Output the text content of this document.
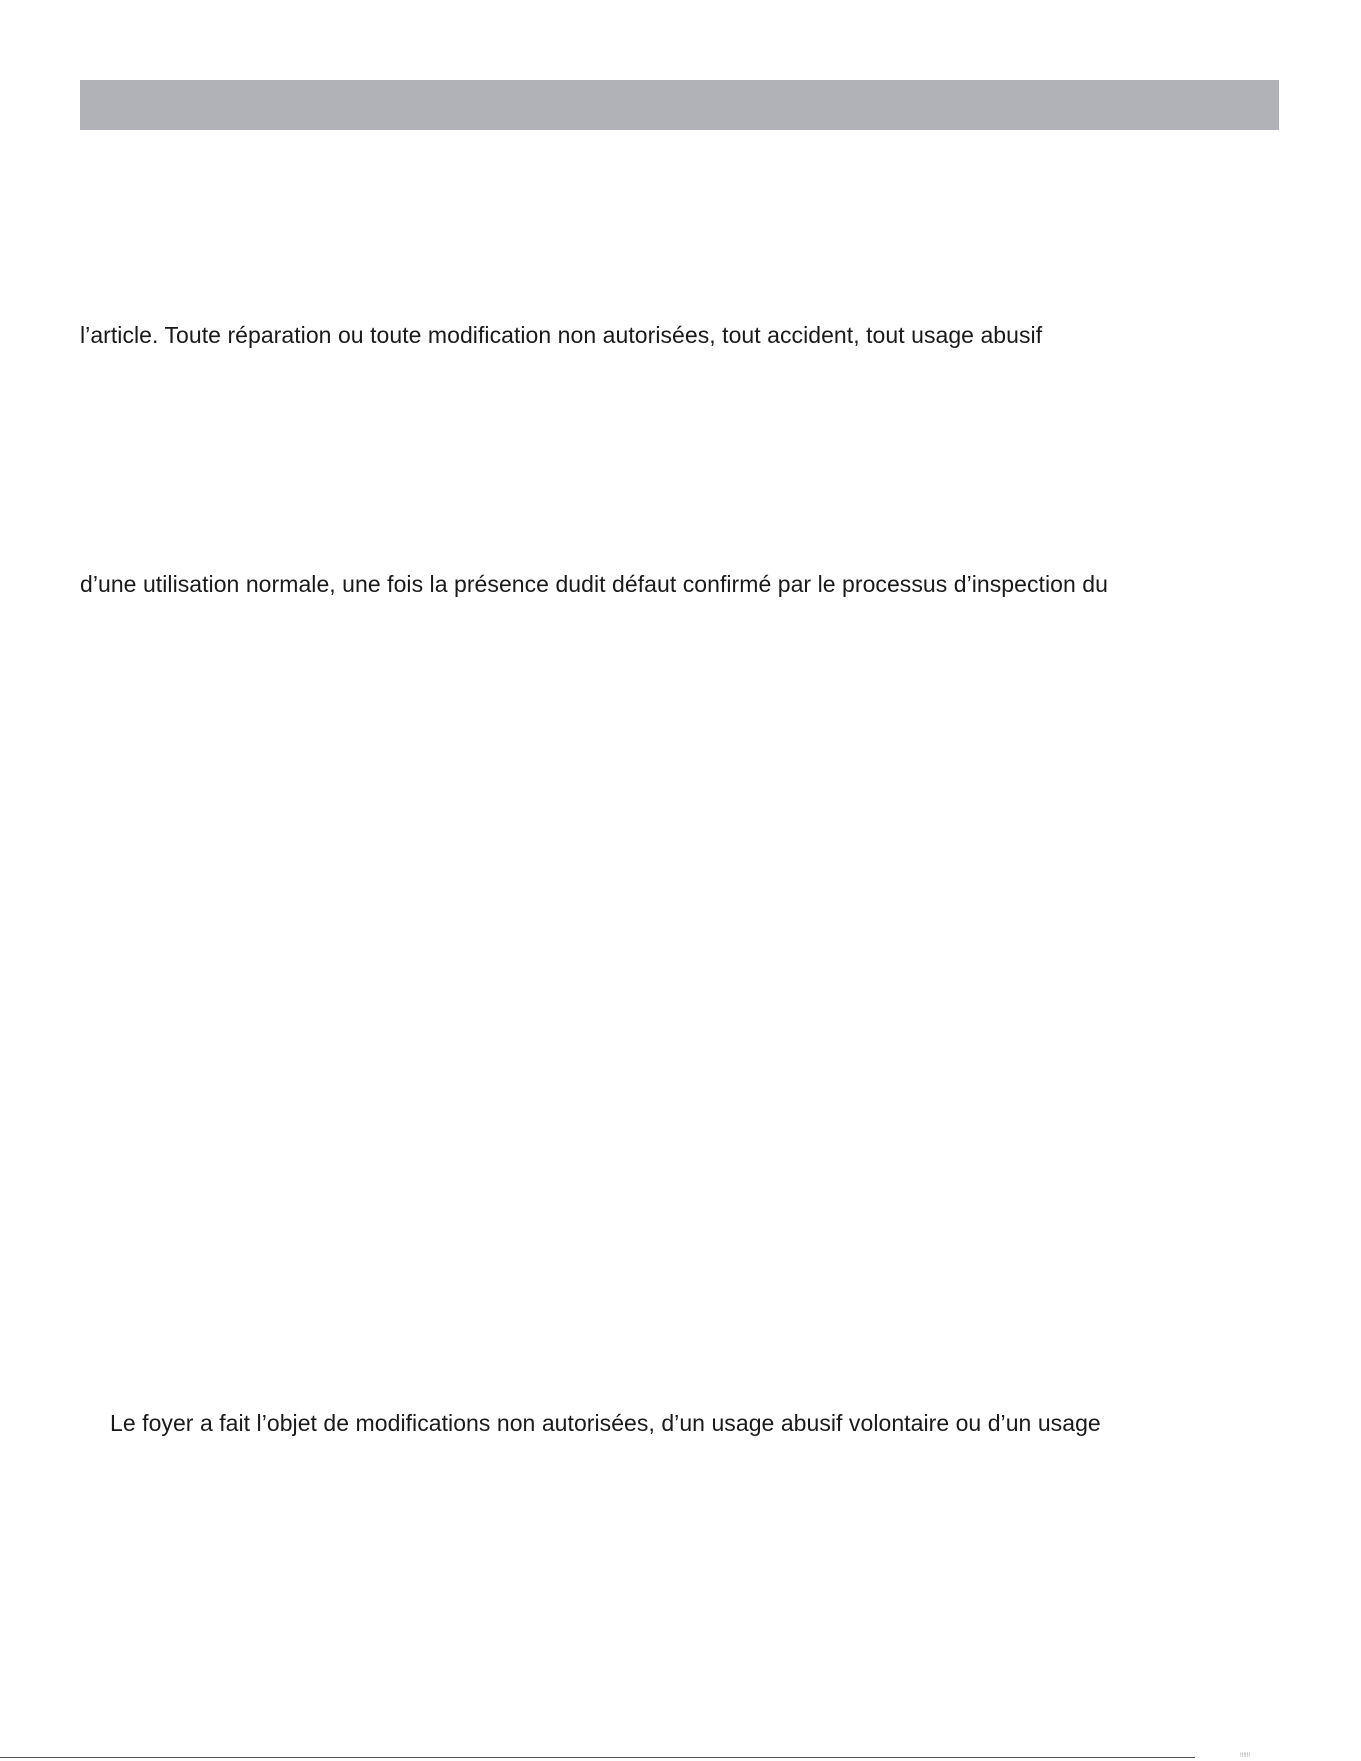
l’article. Toute réparation ou toute modification non autorisées, tout accident, tout usage abusif
d’une utilisation normale, une fois la présence dudit défaut confirmé par le processus d’inspection du
Le foyer a fait l’objet de modifications non autorisées, d’un usage abusif volontaire ou d’un usage
!!!!!!
